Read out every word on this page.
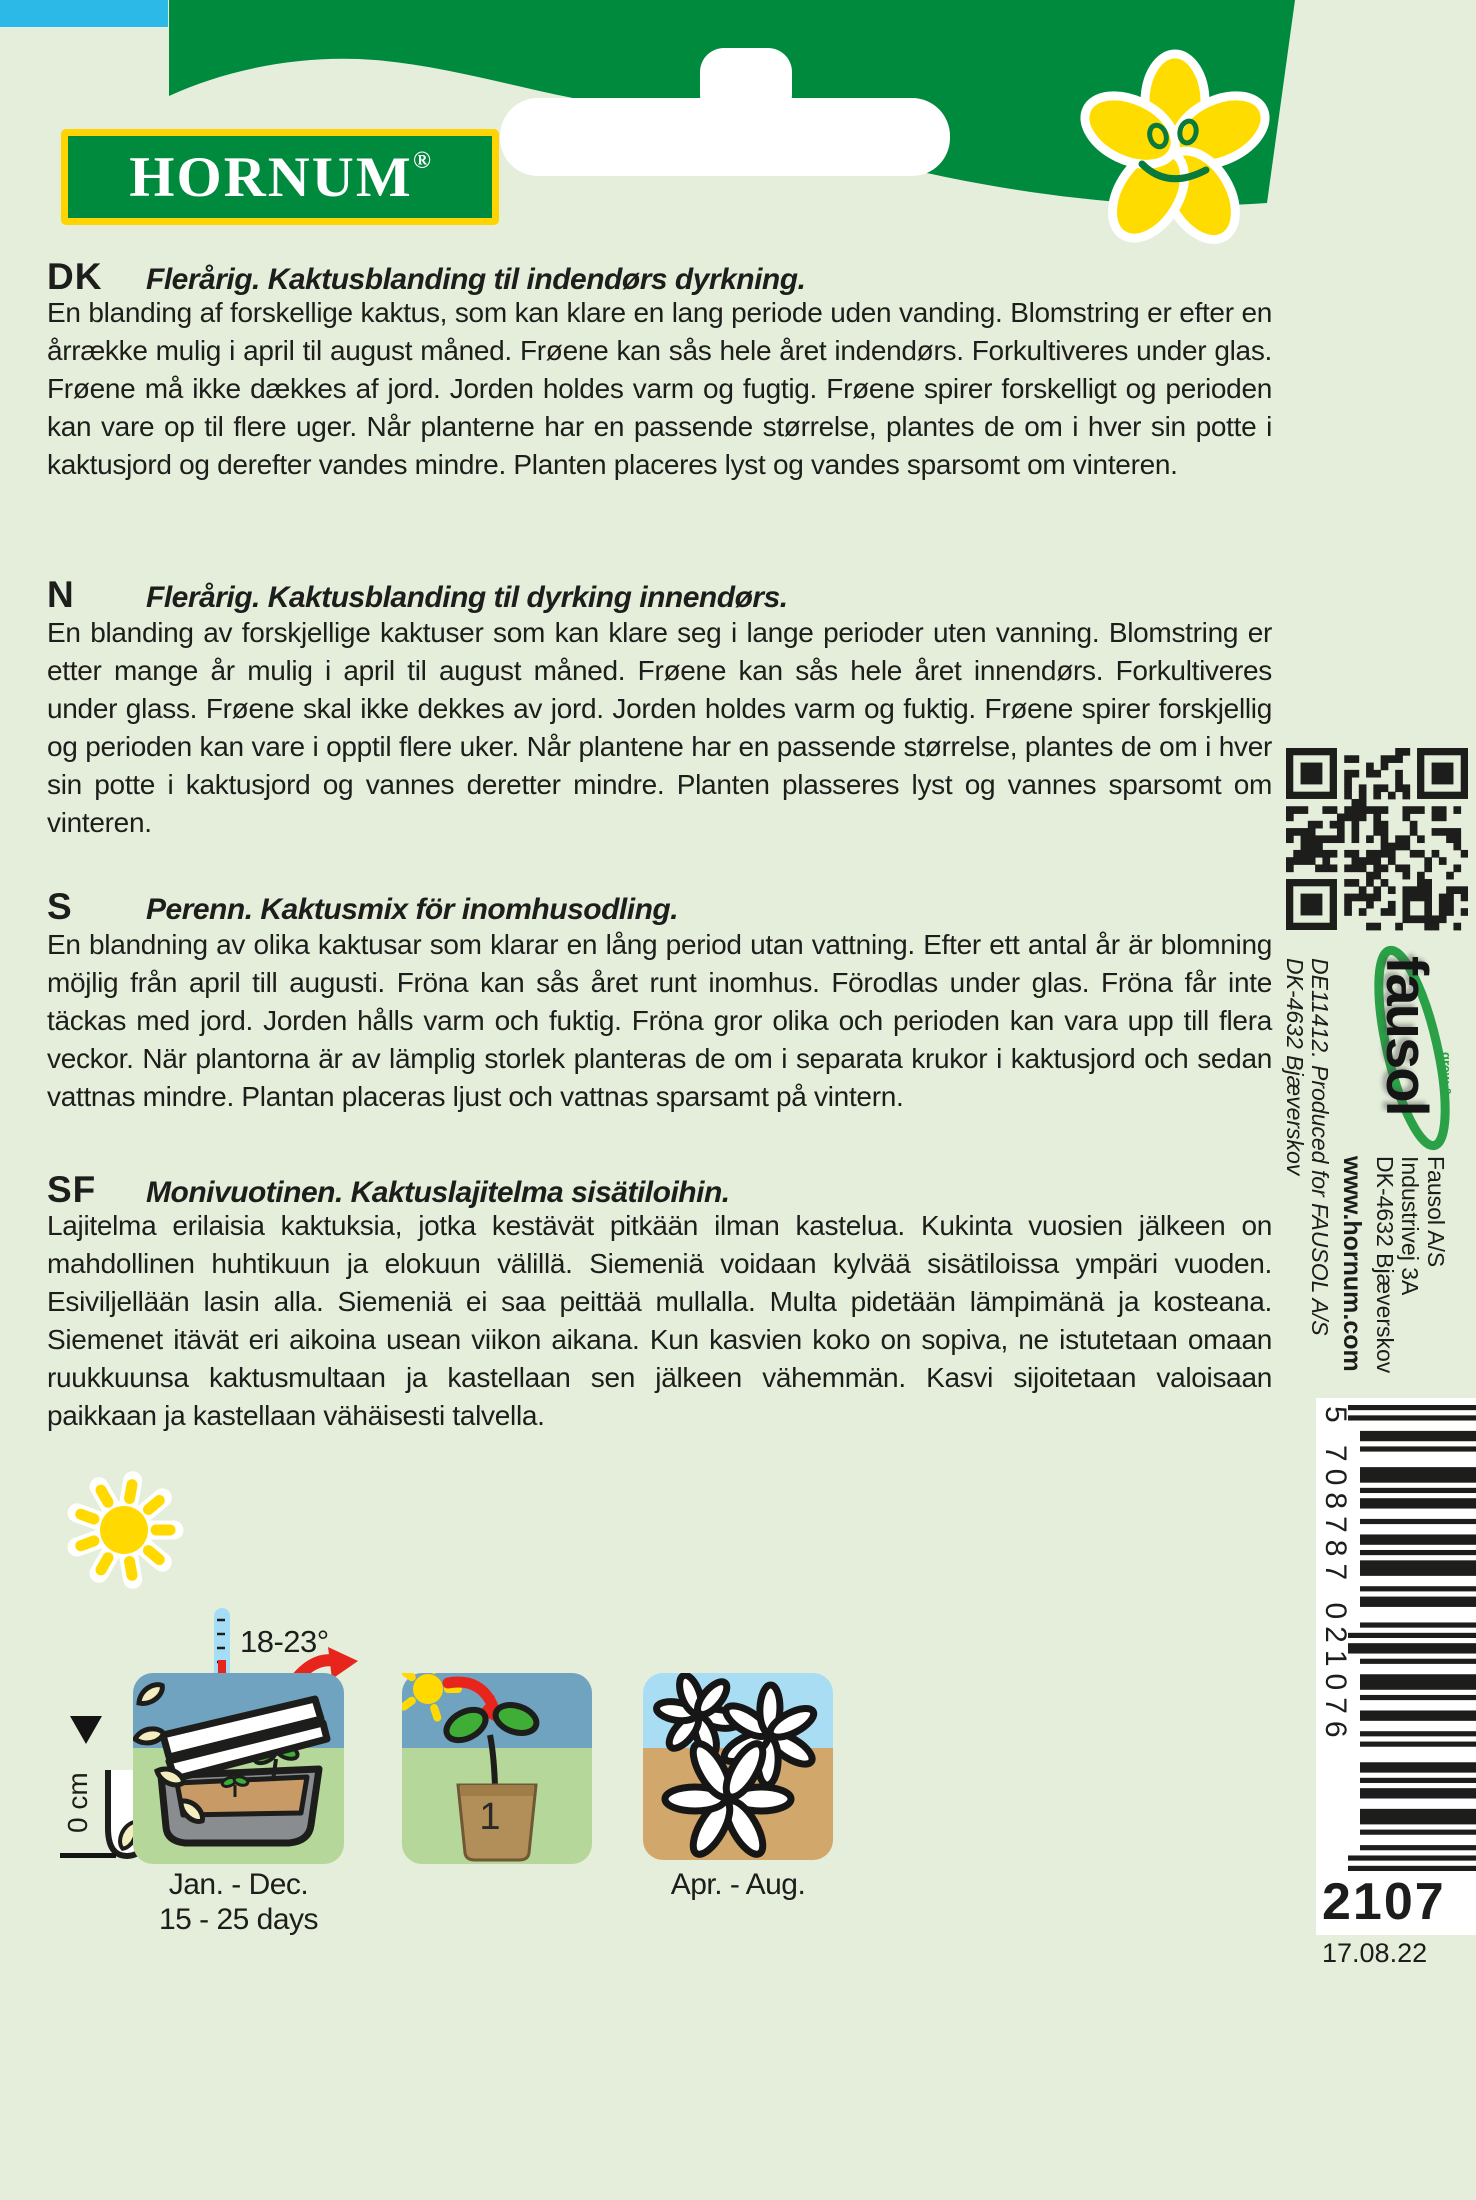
HORNUM ®
DK Flerårig. Kaktusblanding til indendørs dyrkning.
En blanding af forskellige kaktus, som kan klare en lang periode uden vanding. Blomstring er efter en årrække mulig i april til august måned. Frøene kan sås hele året indendørs. Forkultiveres under glas. Frøene må ikke dækkes af jord. Jorden holdes varm og fugtig. Frøene spirer forskelligt og perioden kan vare op til flere uger. Når planterne har en passende størrelse, plantes de om i hver sin potte i kaktusjord og derefter vandes mindre. Planten placeres lyst og vandes sparsomt om vinteren.
N Flerårig. Kaktusblanding til dyrking innendørs.
En blanding av forskjellige kaktuser som kan klare seg i lange perioder uten vanning. Blomstring er etter mange år mulig i april til august måned. Frøene kan sås hele året innendørs. Forkultiveres under glass. Frøene skal ikke dekkes av jord. Jorden holdes varm og fuktig. Frøene spirer forskjellig og perioden kan vare i opptil flere uker. Når plantene har en passende størrelse, plantes de om i hver sin potte i kaktusjord og vannes deretter mindre. Planten plasseres lyst og vannes sparsomt om vinteren.
S Perenn. Kaktusmix för inomhusodling.
En blandning av olika kaktusar som klarar en lång period utan vattning. Efter ett antal år är blomning möjlig från april till augusti. Fröna kan sås året runt inomhus. Förodlas under glas. Fröna får inte täckas med jord. Jorden hålls varm och fuktig. Fröna gror olika och perioden kan vara upp till flera veckor. När plantorna är av lämplig storlek planteras de om i separata krukor i kaktusjord och sedan vattnas mindre. Plantan placeras ljust och vattnas sparsamt på vintern.
SF Monivuotinen. Kaktuslajitelma sisätiloihin.
Lajitelma erilaisia kaktuksia, jotka kestävät pitkään ilman kastelua. Kukinta vuosien jälkeen on mahdollinen huhtikuun ja elokuun välillä. Siemeniä voidaan kylvää sisätiloissa ympäri vuoden. Esiviljellään lasin alla. Siemeniä ei saa peittää mullalla. Multa pidetään lämpimänä ja kosteana. Siemenet itävät eri aikoina usean viikon aikana. Kun kasvien koko on sopiva, ne istutetaan omaan ruukkuunsa kaktusmultaan ja kastellaan sen jälkeen vähemmän. Kasvi sijoitetaan valoisaan paikkaan ja kastellaan vähäisesti talvella.
DE11412. Produced for FAUSOL A/S
DK-4632 Bjæverskov fausol grow & care
Fausol A/S
Industrivej 3A
DK-4632 Bjæverskov
www.hornum.com
5 708787 021076
2107
17.08.22
18-23°
0 cm	1
Jan. - Dec.
15 - 25 days
Apr. - Aug.
